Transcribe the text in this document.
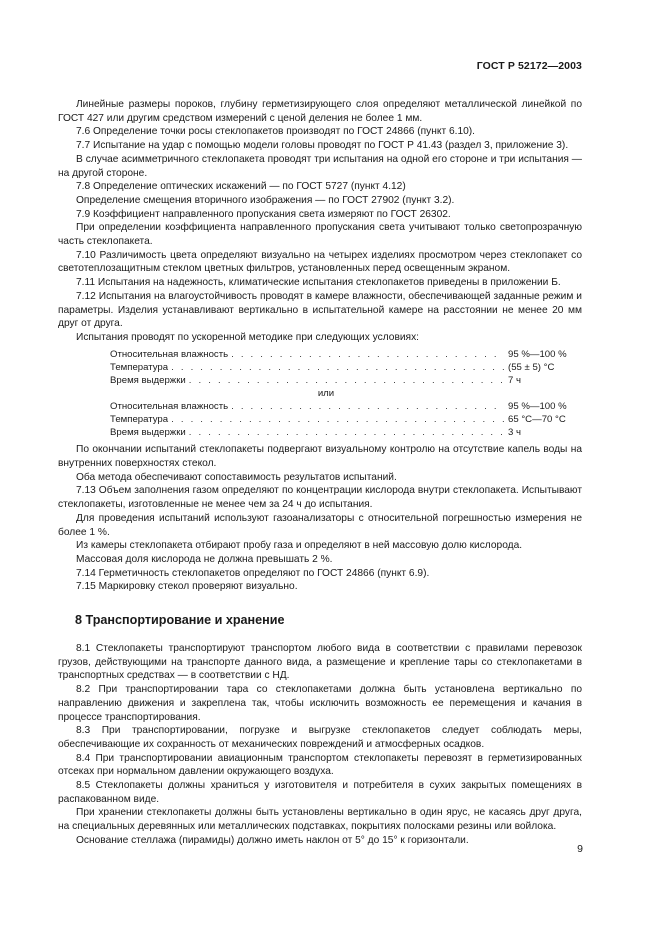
ГОСТ Р 52172—2003

Линейные размеры пороков, глубину герметизирующего слоя определяют металлической линейкой по ГОСТ 427 или другим средством измерений с ценой деления не более 1 мм.

7.6 Определение точки росы стеклопакетов производят по ГОСТ 24866 (пункт 6.10).

7.7 Испытание на удар с помощью модели головы проводят по ГОСТ Р 41.43 (раздел 3, приложение 3).

В случае асимметричного стеклопакета проводят три испытания на одной его стороне и три испытания — на другой стороне.

7.8 Определение оптических искажений — по ГОСТ 5727 (пункт 4.12)

Определение смещения вторичного изображения — по ГОСТ 27902 (пункт 3.2).

7.9 Коэффициент направленного пропускания света измеряют по ГОСТ 26302.

При определении коэффициента направленного пропускания света учитывают только светопрозрачную часть стеклопакета.

7.10 Различимость цвета определяют визуально на четырех изделиях просмотром через стеклопакет со светотеплозащитным стеклом цветных фильтров, установленных перед освещенным экраном.

7.11 Испытания на надежность, климатические испытания стеклопакетов приведены в приложении Б.

7.12 Испытания на влагоустойчивость проводят в камере влажности, обеспечивающей заданные режим и параметры. Изделия устанавливают вертикально в испытательной камере на расстоянии не менее 20 мм друг от друга.

Испытания проводят по ускоренной методике при следующих условиях:

Относительная влажность . . .	95 %—100 %
Температура . . .	(55 ± 5) °С
Время выдержки . . .	7 ч
или
Относительная влажность . . .	95 %—100 %
Температура . . .	65 °С—70 °С
Время выдержки . . .	3 ч

По окончании испытаний стеклопакеты подвергают визуальному контролю на отсутствие капель воды на внутренних поверхностях стекол.

Оба метода обеспечивают сопоставимость результатов испытаний.

7.13 Объем заполнения газом определяют по концентрации кислорода внутри стеклопакета. Испытывают стеклопакеты, изготовленные не менее чем за 24 ч до испытания.

Для проведения испытаний используют газоанализаторы с относительной погрешностью измерения не более 1 %.

Из камеры стеклопакета отбирают пробу газа и определяют в ней массовую долю кислорода.

Массовая доля кислорода не должна превышать 2 %.

7.14 Герметичность стеклопакетов определяют по ГОСТ 24866 (пункт 6.9).

7.15 Маркировку стекол проверяют визуально.

8 Транспортирование и хранение

8.1 Стеклопакеты транспортируют транспортом любого вида в соответствии с правилами перевозок грузов, действующими на транспорте данного вида, а размещение и крепление тары со стеклопакетами в транспортных средствах — в соответствии с НД.

8.2 При транспортировании тара со стеклопакетами должна быть установлена вертикально по направлению движения и закреплена так, чтобы исключить возможность ее перемещения и качания в процессе транспортирования.

8.3 При транспортировании, погрузке и выгрузке стеклопакетов следует соблюдать меры, обеспечивающие их сохранность от механических повреждений и атмосферных осадков.

8.4 При транспортировании авиационным транспортом стеклопакеты перевозят в герметизированных отсеках при нормальном давлении окружающего воздуха.

8.5 Стеклопакеты должны храниться у изготовителя и потребителя в сухих закрытых помещениях в распакованном виде.

При хранении стеклопакеты должны быть установлены вертикально в один ярус, не касаясь друг друга, на специальных деревянных или металлических подставках, покрытиях полосками резины или войлока.

Основание стеллажа (пирамиды) должно иметь наклон от 5° до 15° к горизонтали.

9
